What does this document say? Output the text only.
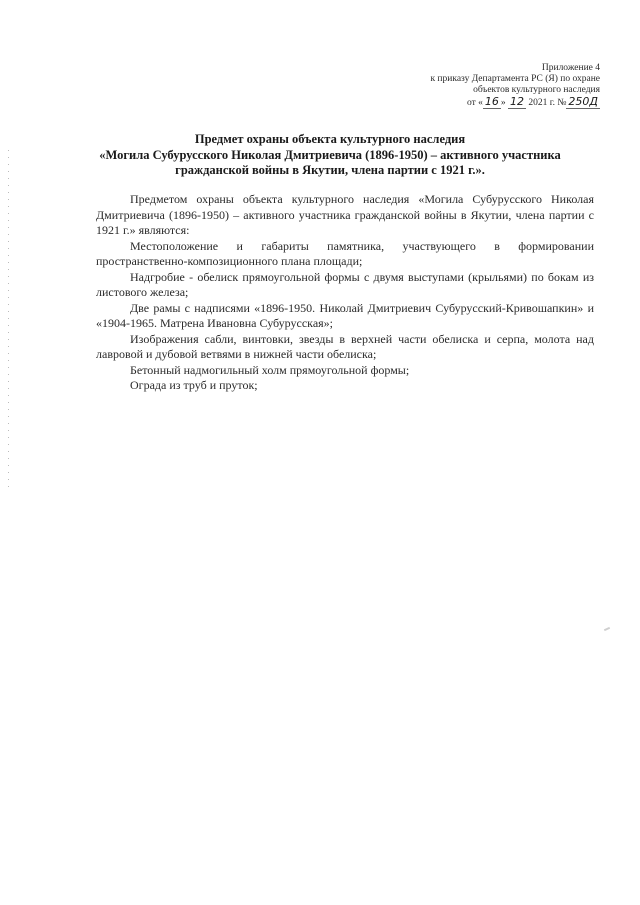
Приложение 4
к приказу Департамента РС (Я) по охране
объектов культурного наследия
от « 16 » 12 2021 г. № 250Д
Предмет охраны объекта культурного наследия
«Могила Субурусского Николая Дмитриевича (1896-1950) – активного участника
гражданской войны в Якутии, члена партии с 1921 г.».

Предметом охраны объекта культурного наследия «Могила Субурусского Николая Дмитриевича (1896-1950) – активного участника гражданской войны в Якутии, члена партии с 1921 г.» являются:

Местоположение и габариты памятника, участвующего в формировании пространственно-композиционного плана площади;

Надгробие - обелиск прямоугольной формы с двумя выступами (крыльями) по бокам из листового железа;

Две рамы с надписями «1896-1950. Николай Дмитриевич Субурусский-Кривошапкин» и «1904-1965. Матрена Ивановна Субурусская»;

Изображения сабли, винтовки, звезды в верхней части обелиска и серпа, молота над лавровой и дубовой ветвями в нижней части обелиска;

Бетонный надмогильный холм прямоугольной формы;

Ограда из труб и пруток;
